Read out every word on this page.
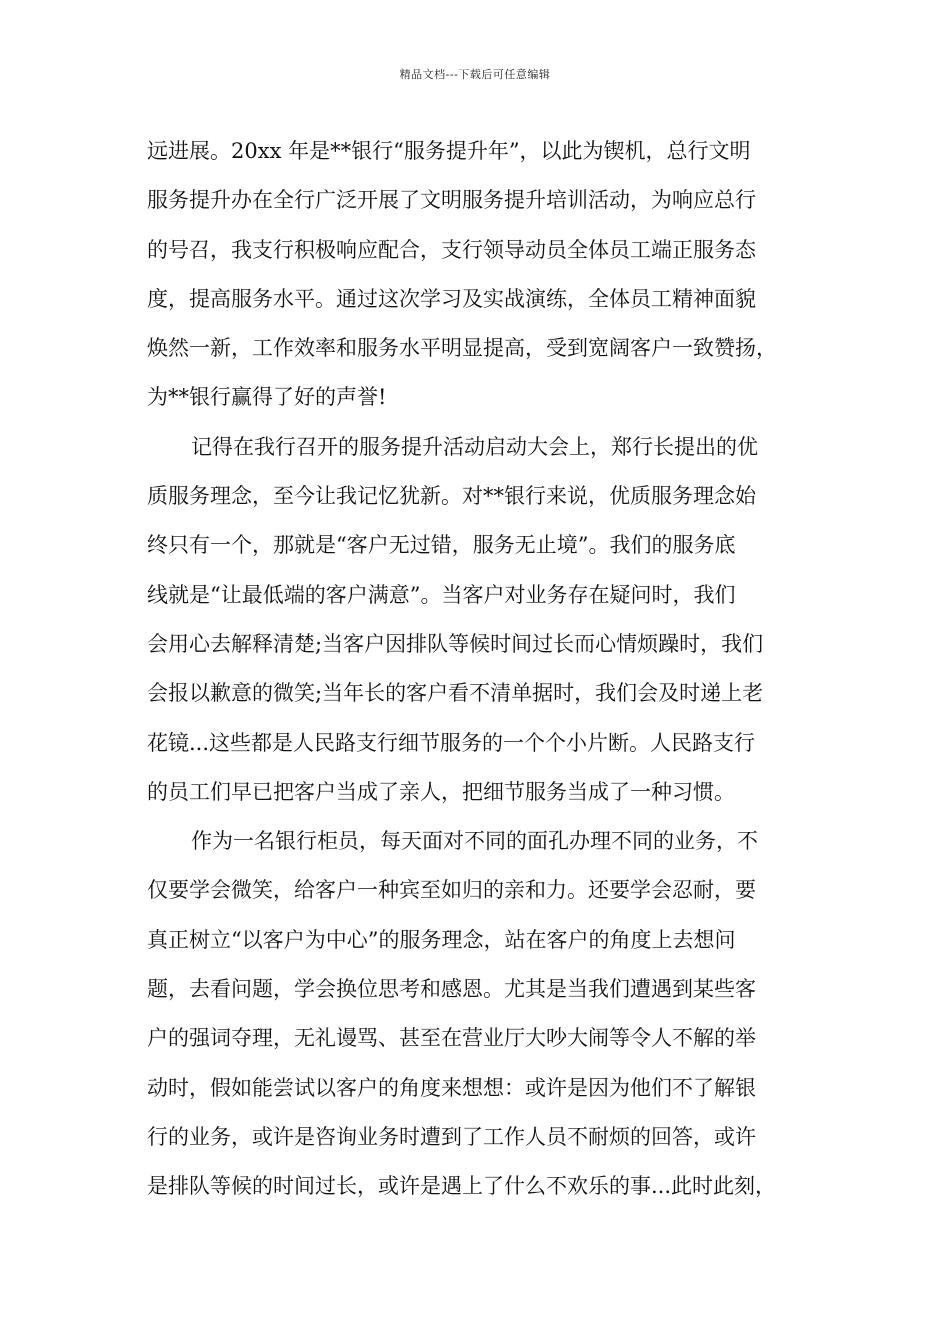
精品文档---下载后可任意编辑
远进展。20xx 年是**银行“服务提升年”，以此为锲机，总行文明
服务提升办在全行广泛开展了文明服务提升培训活动，为响应总行
的号召，我支行积极响应配合，支行领导动员全体员工端正服务态
度，提高服务水平。通过这次学习及实战演练，全体员工精神面貌
焕然一新，工作效率和服务水平明显提高，受到宽阔客户一致赞扬，
为**银行赢得了好的声誉!
记得在我行召开的服务提升活动启动大会上，郑行长提出的优
质服务理念，至今让我记忆犹新。对**银行来说，优质服务理念始
终只有一个，那就是“客户无过错，服务无止境”。我们的服务底
线就是“让最低端的客户满意”。当客户对业务存在疑问时，我们
会用心去解释清楚;当客户因排队等候时间过长而心情烦躁时，我们
会报以歉意的微笑;当年长的客户看不清单据时，我们会及时递上老
花镜...这些都是人民路支行细节服务的一个个小片断。人民路支行
的员工们早已把客户当成了亲人，把细节服务当成了一种习惯。
作为一名银行柜员，每天面对不同的面孔办理不同的业务，不
仅要学会微笑，给客户一种宾至如归的亲和力。还要学会忍耐，要
真正树立“以客户为中心”的服务理念，站在客户的角度上去想问
题，去看问题，学会换位思考和感恩。尤其是当我们遭遇到某些客
户的强词夺理，无礼谩骂、甚至在营业厅大吵大闹等令人不解的举
动时，假如能尝试以客户的角度来想想：或许是因为他们不了解银
行的业务，或许是咨询业务时遭到了工作人员不耐烦的回答，或许
是排队等候的时间过长，或许是遇上了什么不欢乐的事...此时此刻，
